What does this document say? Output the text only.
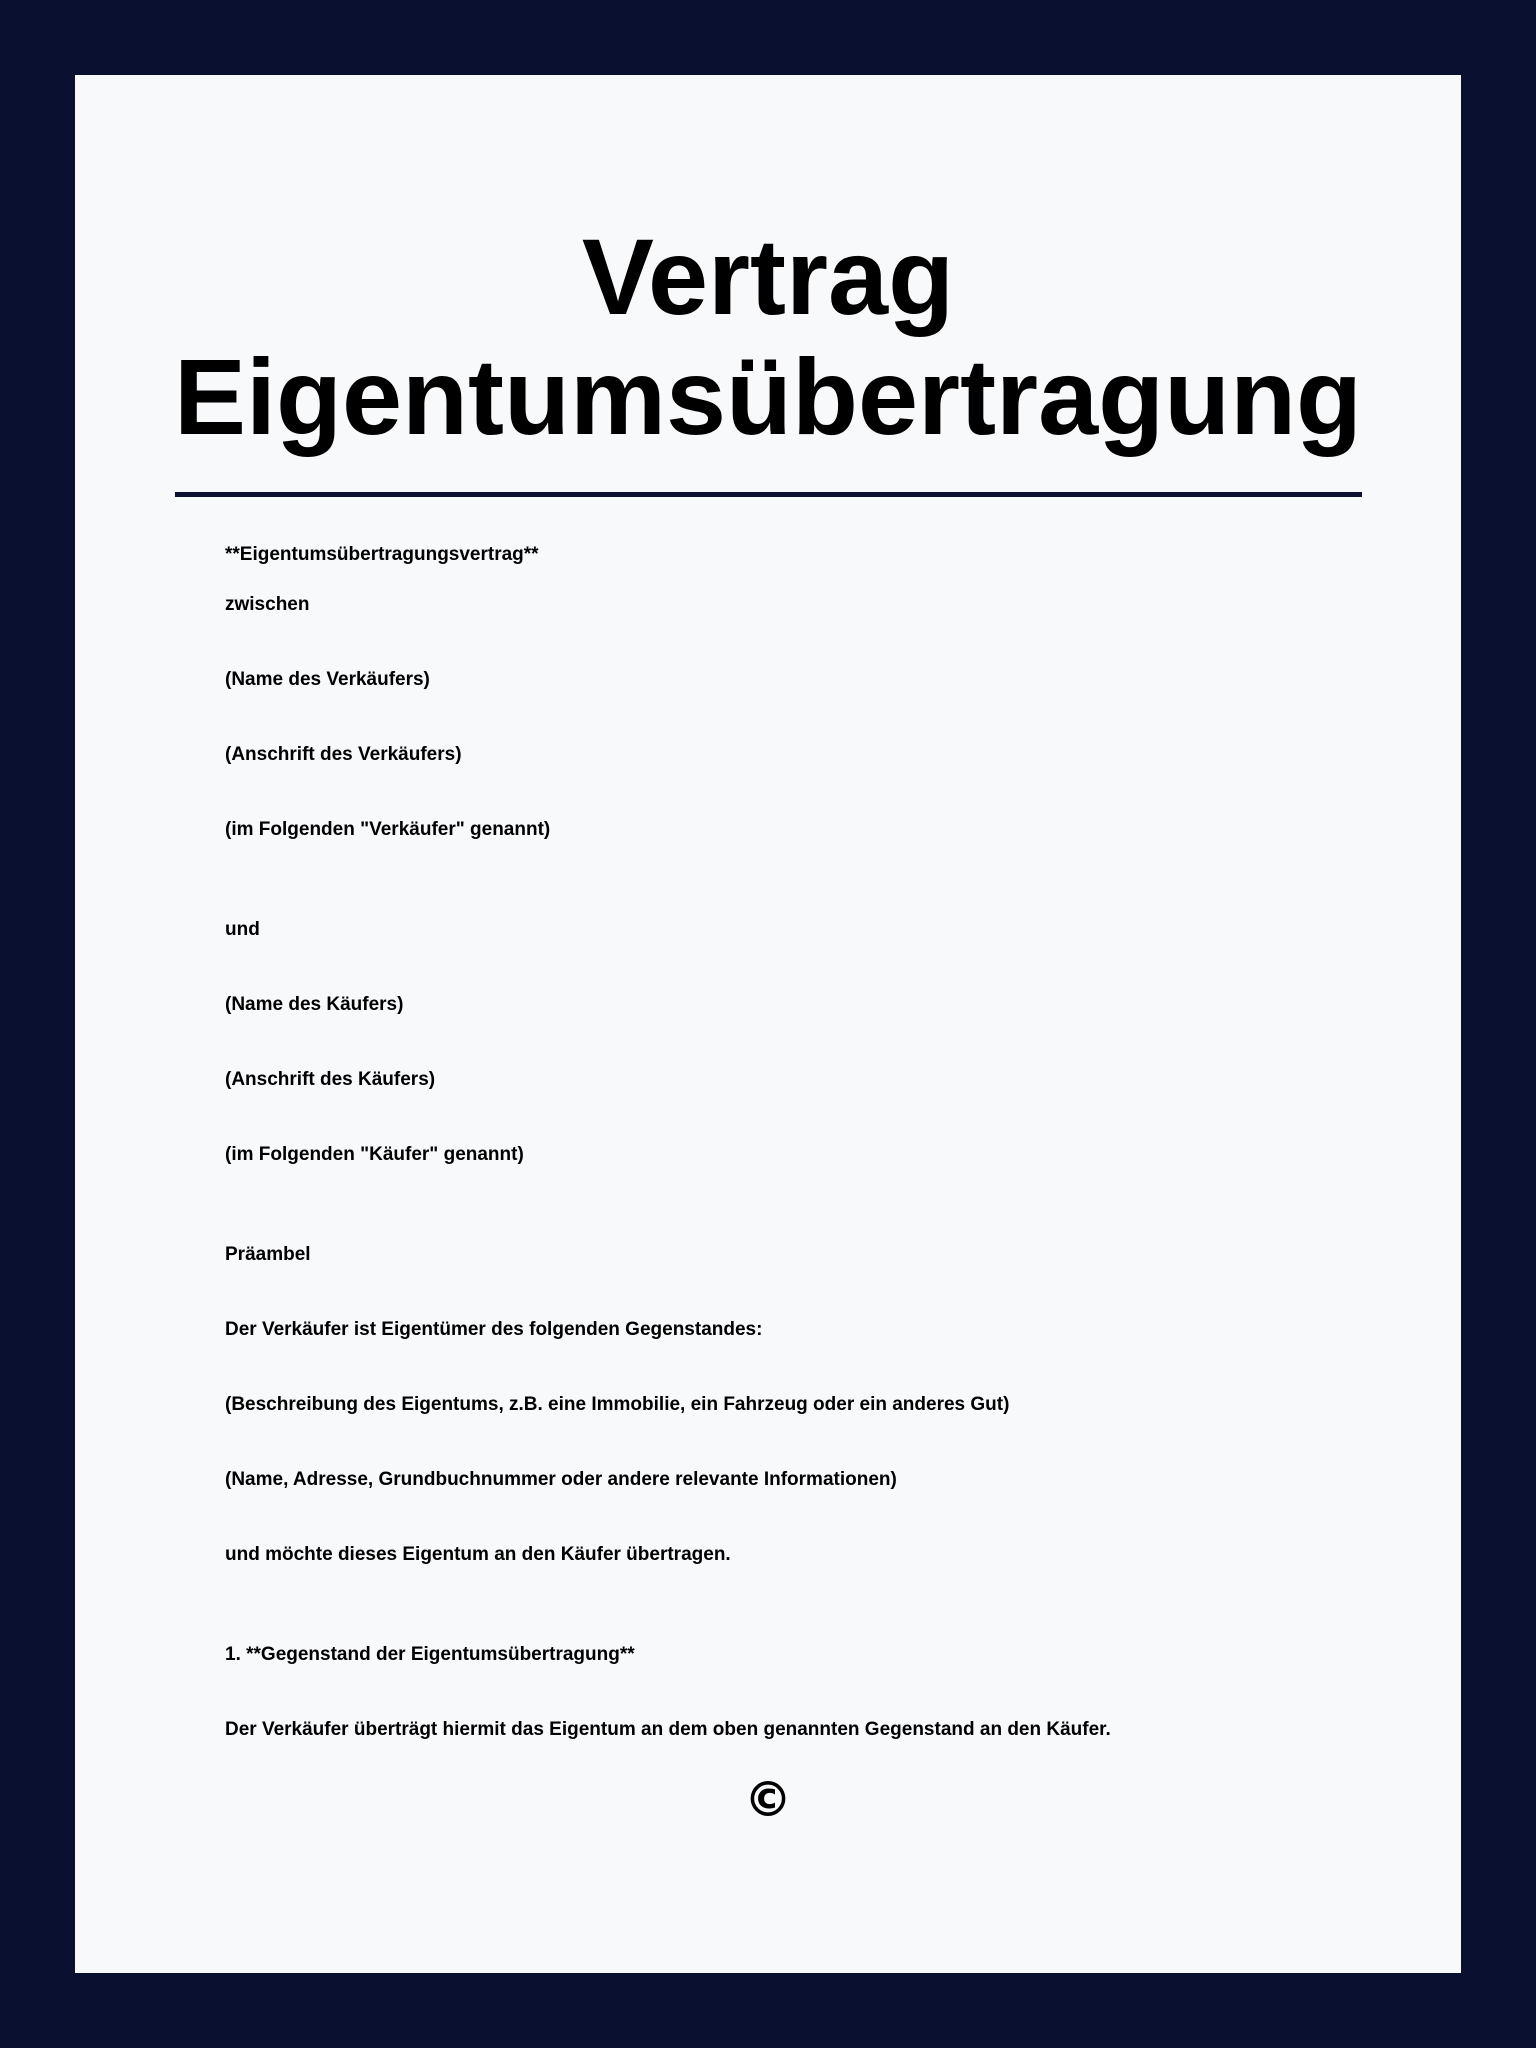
Vertrag
Eigentumsübertragung

**Eigentumsübertragungsvertrag**

zwischen

(Name des Verkäufers)

(Anschrift des Verkäufers)

(im Folgenden "Verkäufer" genannt)

und

(Name des Käufers)

(Anschrift des Käufers)

(im Folgenden "Käufer" genannt)

Präambel

Der Verkäufer ist Eigentümer des folgenden Gegenstandes:

(Beschreibung des Eigentums, z.B. eine Immobilie, ein Fahrzeug oder ein anderes Gut)

(Name, Adresse, Grundbuchnummer oder andere relevante Informationen)

und möchte dieses Eigentum an den Käufer übertragen.

1. **Gegenstand der Eigentumsübertragung**

Der Verkäufer überträgt hiermit das Eigentum an dem oben genannten Gegenstand an den Käufer.

©
